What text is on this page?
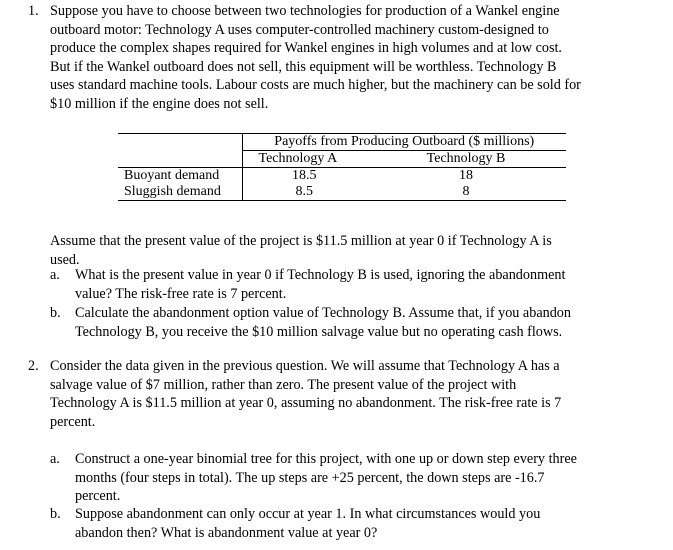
1. Suppose you have to choose between two technologies for production of a Wankel engine
outboard motor: Technology A uses computer-controlled machinery custom-designed to
produce the complex shapes required for Wankel engines in high volumes and at low cost.
But if the Wankel outboard does not sell, this equipment will be worthless. Technology B
uses standard machine tools. Labour costs are much higher, but the machinery can be sold for
$10 million if the engine does not sell.

	Payoffs from Producing Outboard ($ millions)	
	Technology A	Technology B
Buoyant demand	18.5	18
Sluggish demand	8.5	8
Assume that the present value of the project is $11.5 million at year 0 if Technology A is
used.
a. What is the present value in year 0 if Technology B is used, ignoring the abandonment
value? The risk-free rate is 7 percent.
b. Calculate the abandonment option value of Technology B. Assume that, if you abandon
Technology B, you receive the $10 million salvage value but no operating cash flows.
2. Consider the data given in the previous question. We will assume that Technology A has a
salvage value of $7 million, rather than zero. The present value of the project with
Technology A is $11.5 million at year 0, assuming no abandonment. The risk-free rate is 7
percent.
a. Construct a one-year binomial tree for this project, with one up or down step every three
months (four steps in total). The up steps are +25 percent, the down steps are -16.7
percent.
b. Suppose abandonment can only occur at year 1. In what circumstances would you
abandon then? What is abandonment value at year 0?
